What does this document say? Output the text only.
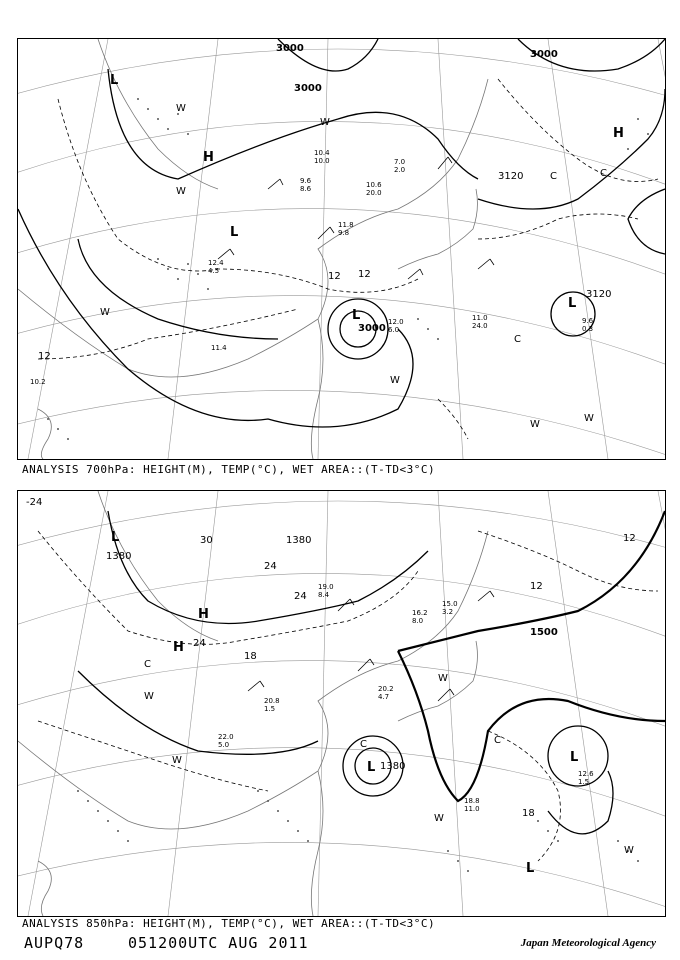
3000
3000
3000
3000
3120
3120
12 12
12
H
H
L
L
L
L
W
W
W
W
W
W
W
C	C
C
10.4
10.0
9.6
8.6
11.8
9.8
12.4
4.5
12.0
6.0
11.0
24.0
9.6
0.3
10.6
20.0
7.0
2.0
11.4
10.2
ANALYSIS 700hPa: HEIGHT(M), TEMP(°C), WET AREA::(T-TD<3°C)
1380
1380
1380
1500
24
24
24
30
18
18
12
12
-24
H
H
L
L
L
L
W
W
W
W
W
C
C
C
19.0
8.4
20.2
4.7
18.8
11.0
22.0
5.0
15.0
3.2
16.2
8.0
20.8
1.5
12.6
1.5
ANALYSIS 850hPa: HEIGHT(M), TEMP(°C), WET AREA::(T-TD<3°C)
AUPQ78	051200UTC AUG 2011	Japan Meteorological Agency
